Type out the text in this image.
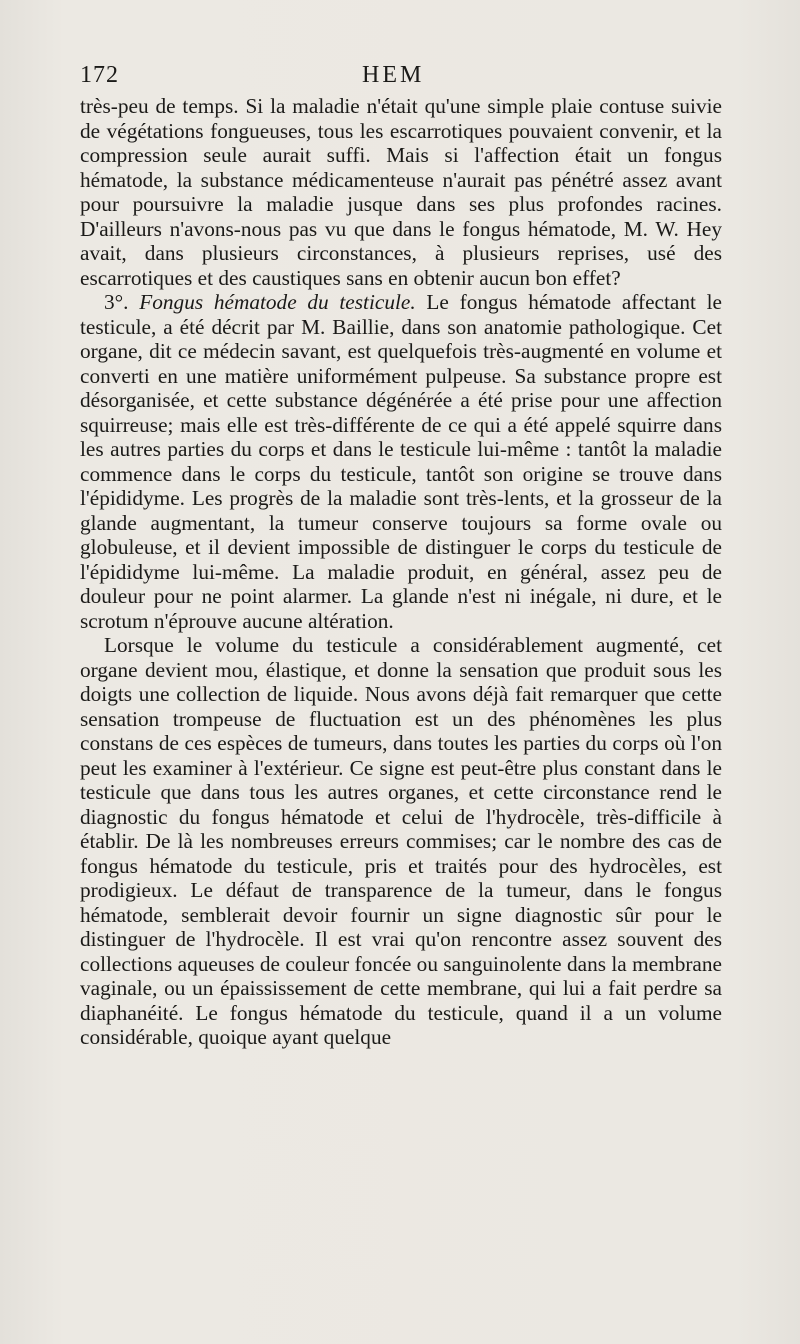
172	HEM

très-peu de temps. Si la maladie n'était qu'une simple plaie contuse suivie de végétations fongueuses, tous les escarrotiques pouvaient convenir, et la compression seule aurait suffi. Mais si l'affection était un fongus hématode, la substance médicamenteuse n'aurait pas pénétré assez avant pour poursuivre la maladie jusque dans ses plus profondes racines. D'ailleurs n'avons-nous pas vu que dans le fongus hématode, M. W. Hey avait, dans plusieurs circonstances, à plusieurs reprises, usé des escarrotiques et des caustiques sans en obtenir aucun bon effet?

3°. Fongus hématode du testicule. Le fongus hématode affectant le testicule, a été décrit par M. Baillie, dans son anatomie pathologique. Cet organe, dit ce médecin savant, est quelquefois très-augmenté en volume et converti en une matière uniformément pulpeuse. Sa substance propre est désorganisée, et cette substance dégénérée a été prise pour une affection squirreuse; mais elle est très-différente de ce qui a été appelé squirre dans les autres parties du corps et dans le testicule lui-même : tantôt la maladie commence dans le corps du testicule, tantôt son origine se trouve dans l'épididyme. Les progrès de la maladie sont très-lents, et la grosseur de la glande augmentant, la tumeur conserve toujours sa forme ovale ou globuleuse, et il devient impossible de distinguer le corps du testicule de l'épididyme lui-même. La maladie produit, en général, assez peu de douleur pour ne point alarmer. La glande n'est ni inégale, ni dure, et le scrotum n'éprouve aucune altération.

Lorsque le volume du testicule a considérablement augmenté, cet organe devient mou, élastique, et donne la sensation que produit sous les doigts une collection de liquide. Nous avons déjà fait remarquer que cette sensation trompeuse de fluctuation est un des phénomènes les plus constans de ces espèces de tumeurs, dans toutes les parties du corps où l'on peut les examiner à l'extérieur. Ce signe est peut-être plus constant dans le testicule que dans tous les autres organes, et cette circonstance rend le diagnostic du fongus hématode et celui de l'hydrocèle, très-difficile à établir. De là les nombreuses erreurs commises; car le nombre des cas de fongus hématode du testicule, pris et traités pour des hydrocèles, est prodigieux. Le défaut de transparence de la tumeur, dans le fongus hématode, semblerait devoir fournir un signe diagnostic sûr pour le distinguer de l'hydrocèle. Il est vrai qu'on rencontre assez souvent des collections aqueuses de couleur foncée ou sanguinolente dans la membrane vaginale, ou un épaississement de cette membrane, qui lui a fait perdre sa diaphanéité. Le fongus hématode du testicule, quand il a un volume considérable, quoique ayant quelque
